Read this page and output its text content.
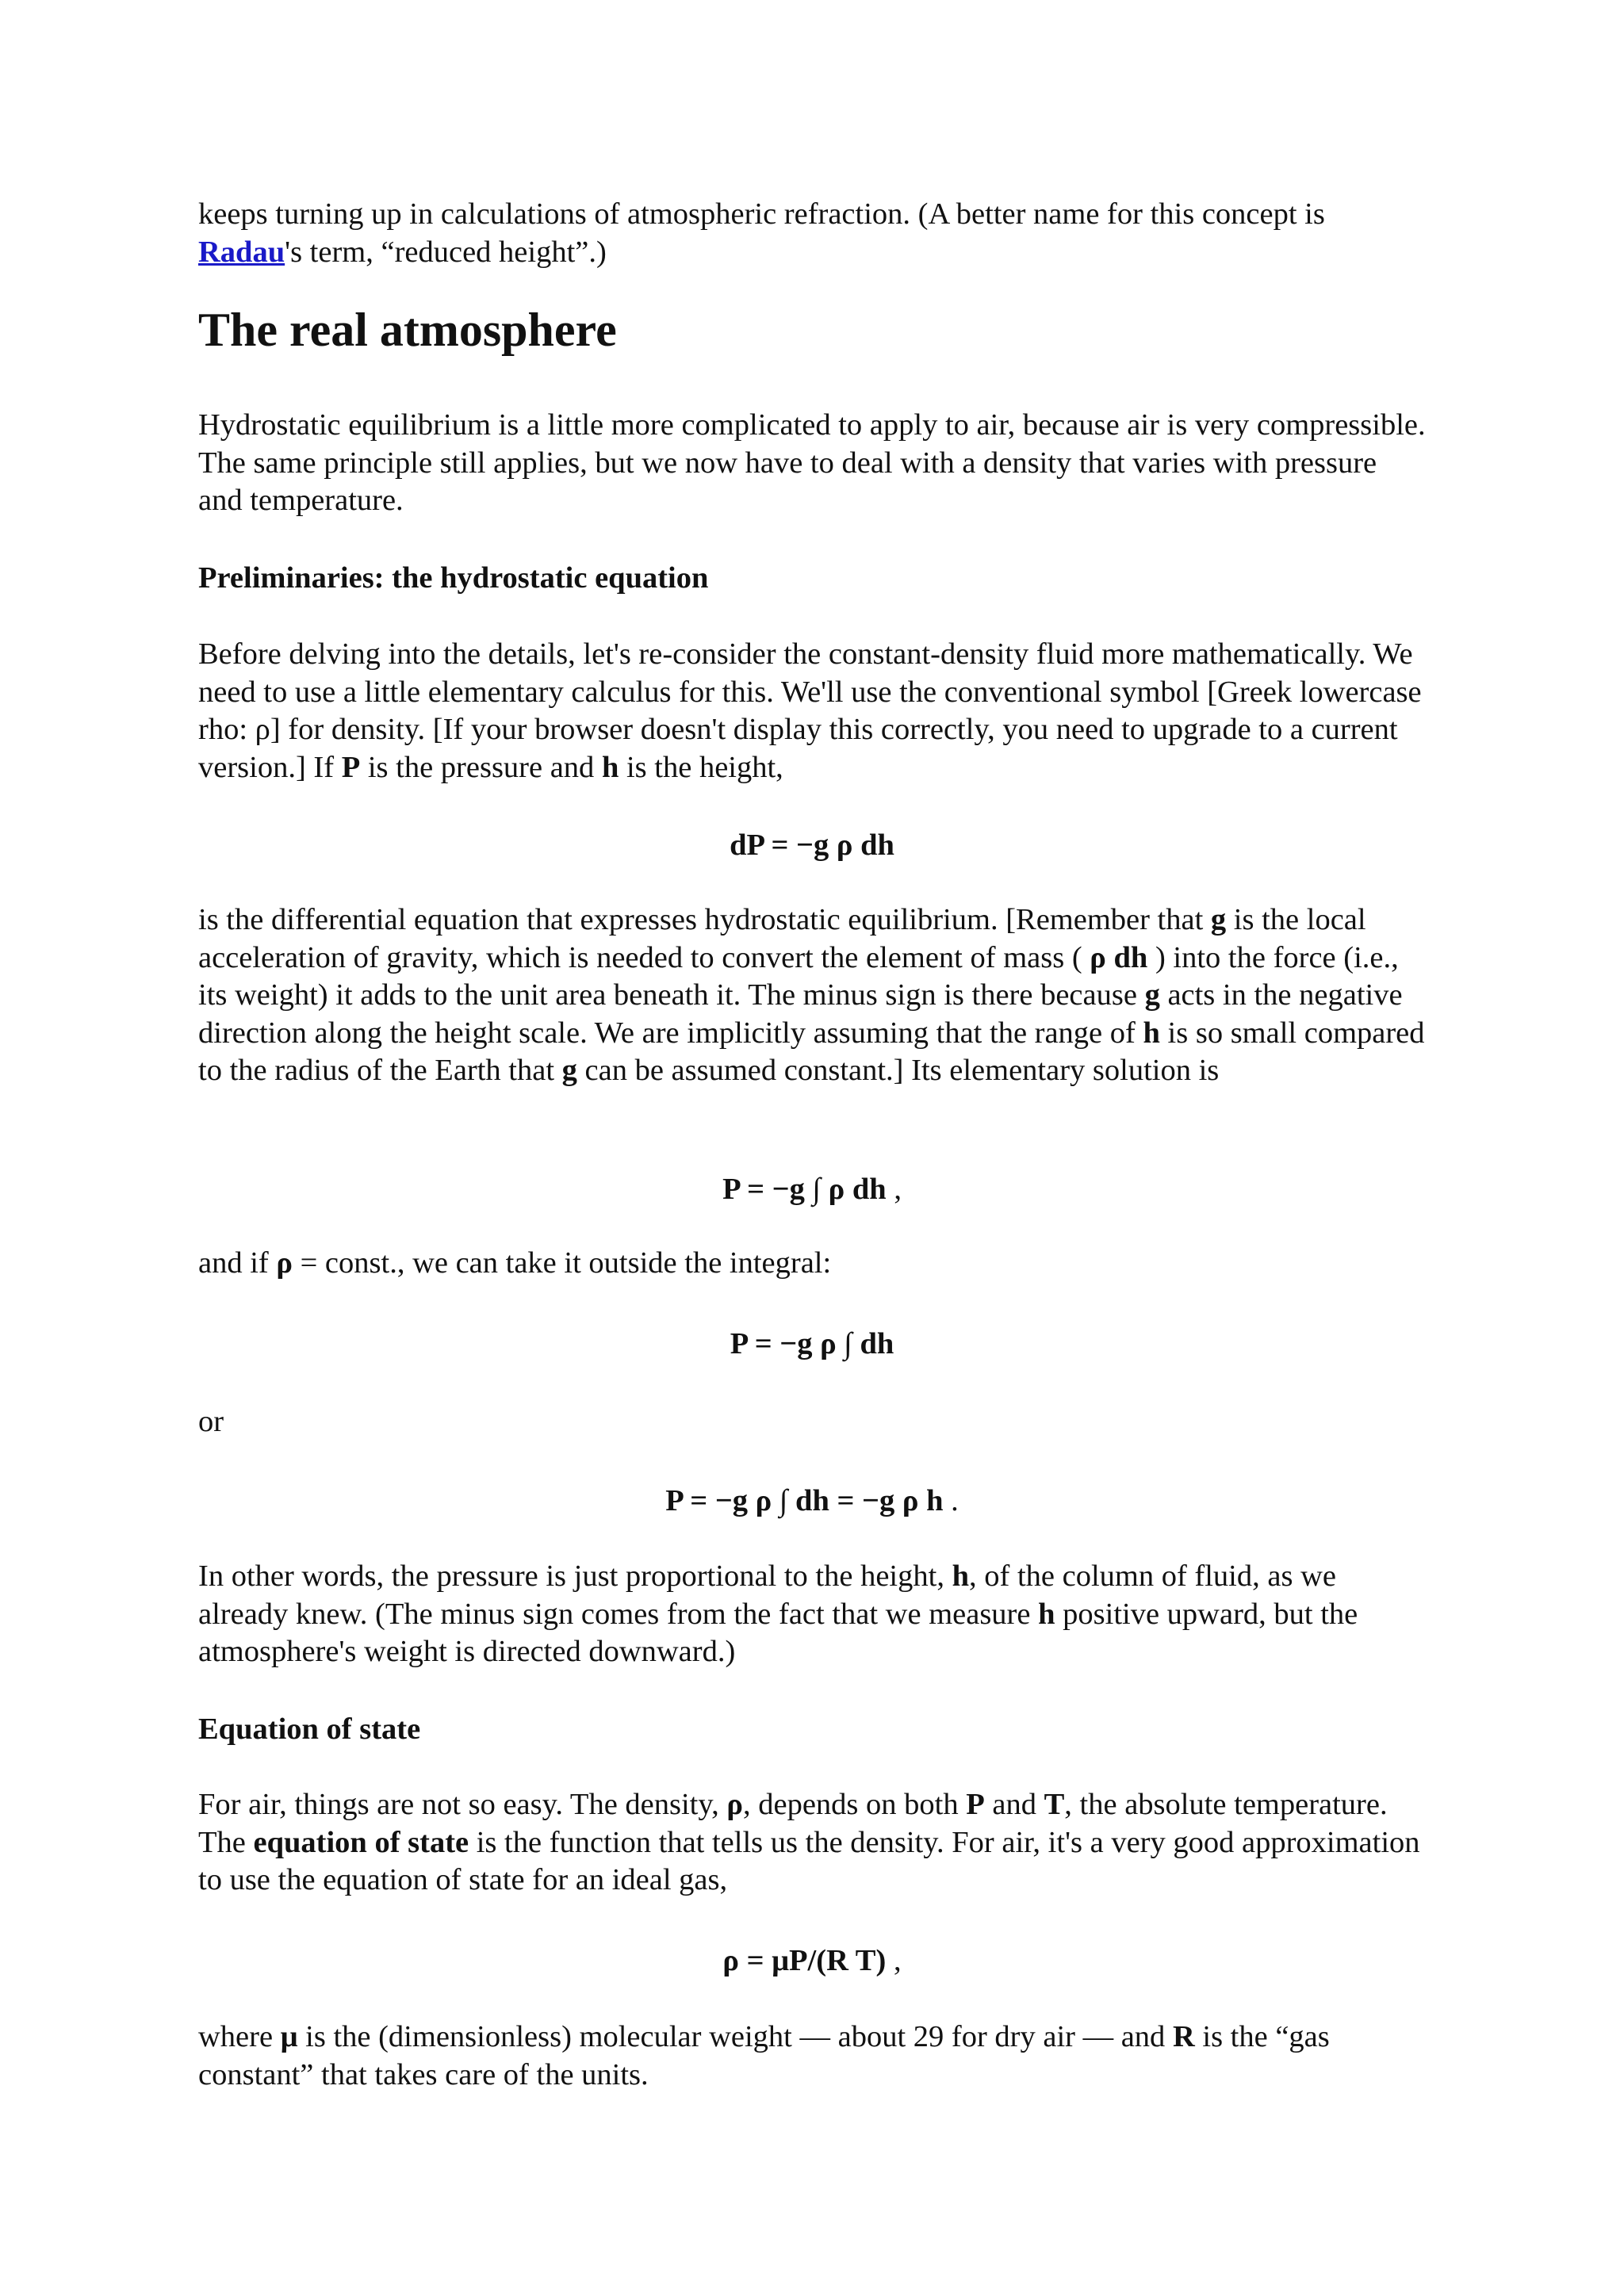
keeps turning up in calculations of atmospheric refraction. (A better name for this concept is
Radau's term, “reduced height”.)

The real atmosphere

Hydrostatic equilibrium is a little more complicated to apply to air, because air is very compressible. The same principle still applies, but we now have to deal with a density that varies with pressure and temperature.

Preliminaries: the hydrostatic equation

Before delving into the details, let's re-consider the constant-density fluid more mathematically. We need to use a little elementary calculus for this. We'll use the conventional symbol [Greek lowercase rho: ρ] for density. [If your browser doesn't display this correctly, you need to upgrade to a current version.] If P is the pressure and h is the height,

dP = −g ρ dh

is the differential equation that expresses hydrostatic equilibrium. [Remember that g is the local acceleration of gravity, which is needed to convert the element of mass ( ρ dh ) into the force (i.e., its weight) it adds to the unit area beneath it. The minus sign is there because g acts in the negative direction along the height scale. We are implicitly assuming that the range of h is so small compared to the radius of the Earth that g can be assumed constant.] Its elementary solution is

P = −g ∫ ρ dh ,

and if ρ = const., we can take it outside the integral:

P = −g ρ ∫ dh

or

P = −g ρ ∫ dh = −g ρ h .

In other words, the pressure is just proportional to the height, h, of the column of fluid, as we already knew. (The minus sign comes from the fact that we measure h positive upward, but the atmosphere's weight is directed downward.)

Equation of state

For air, things are not so easy. The density, ρ, depends on both P and T, the absolute temperature. The equation of state is the function that tells us the density. For air, it's a very good approximation to use the equation of state for an ideal gas,

ρ = μP/(R T) ,

where μ is the (dimensionless) molecular weight — about 29 for dry air — and R is the “gas constant” that takes care of the units.
